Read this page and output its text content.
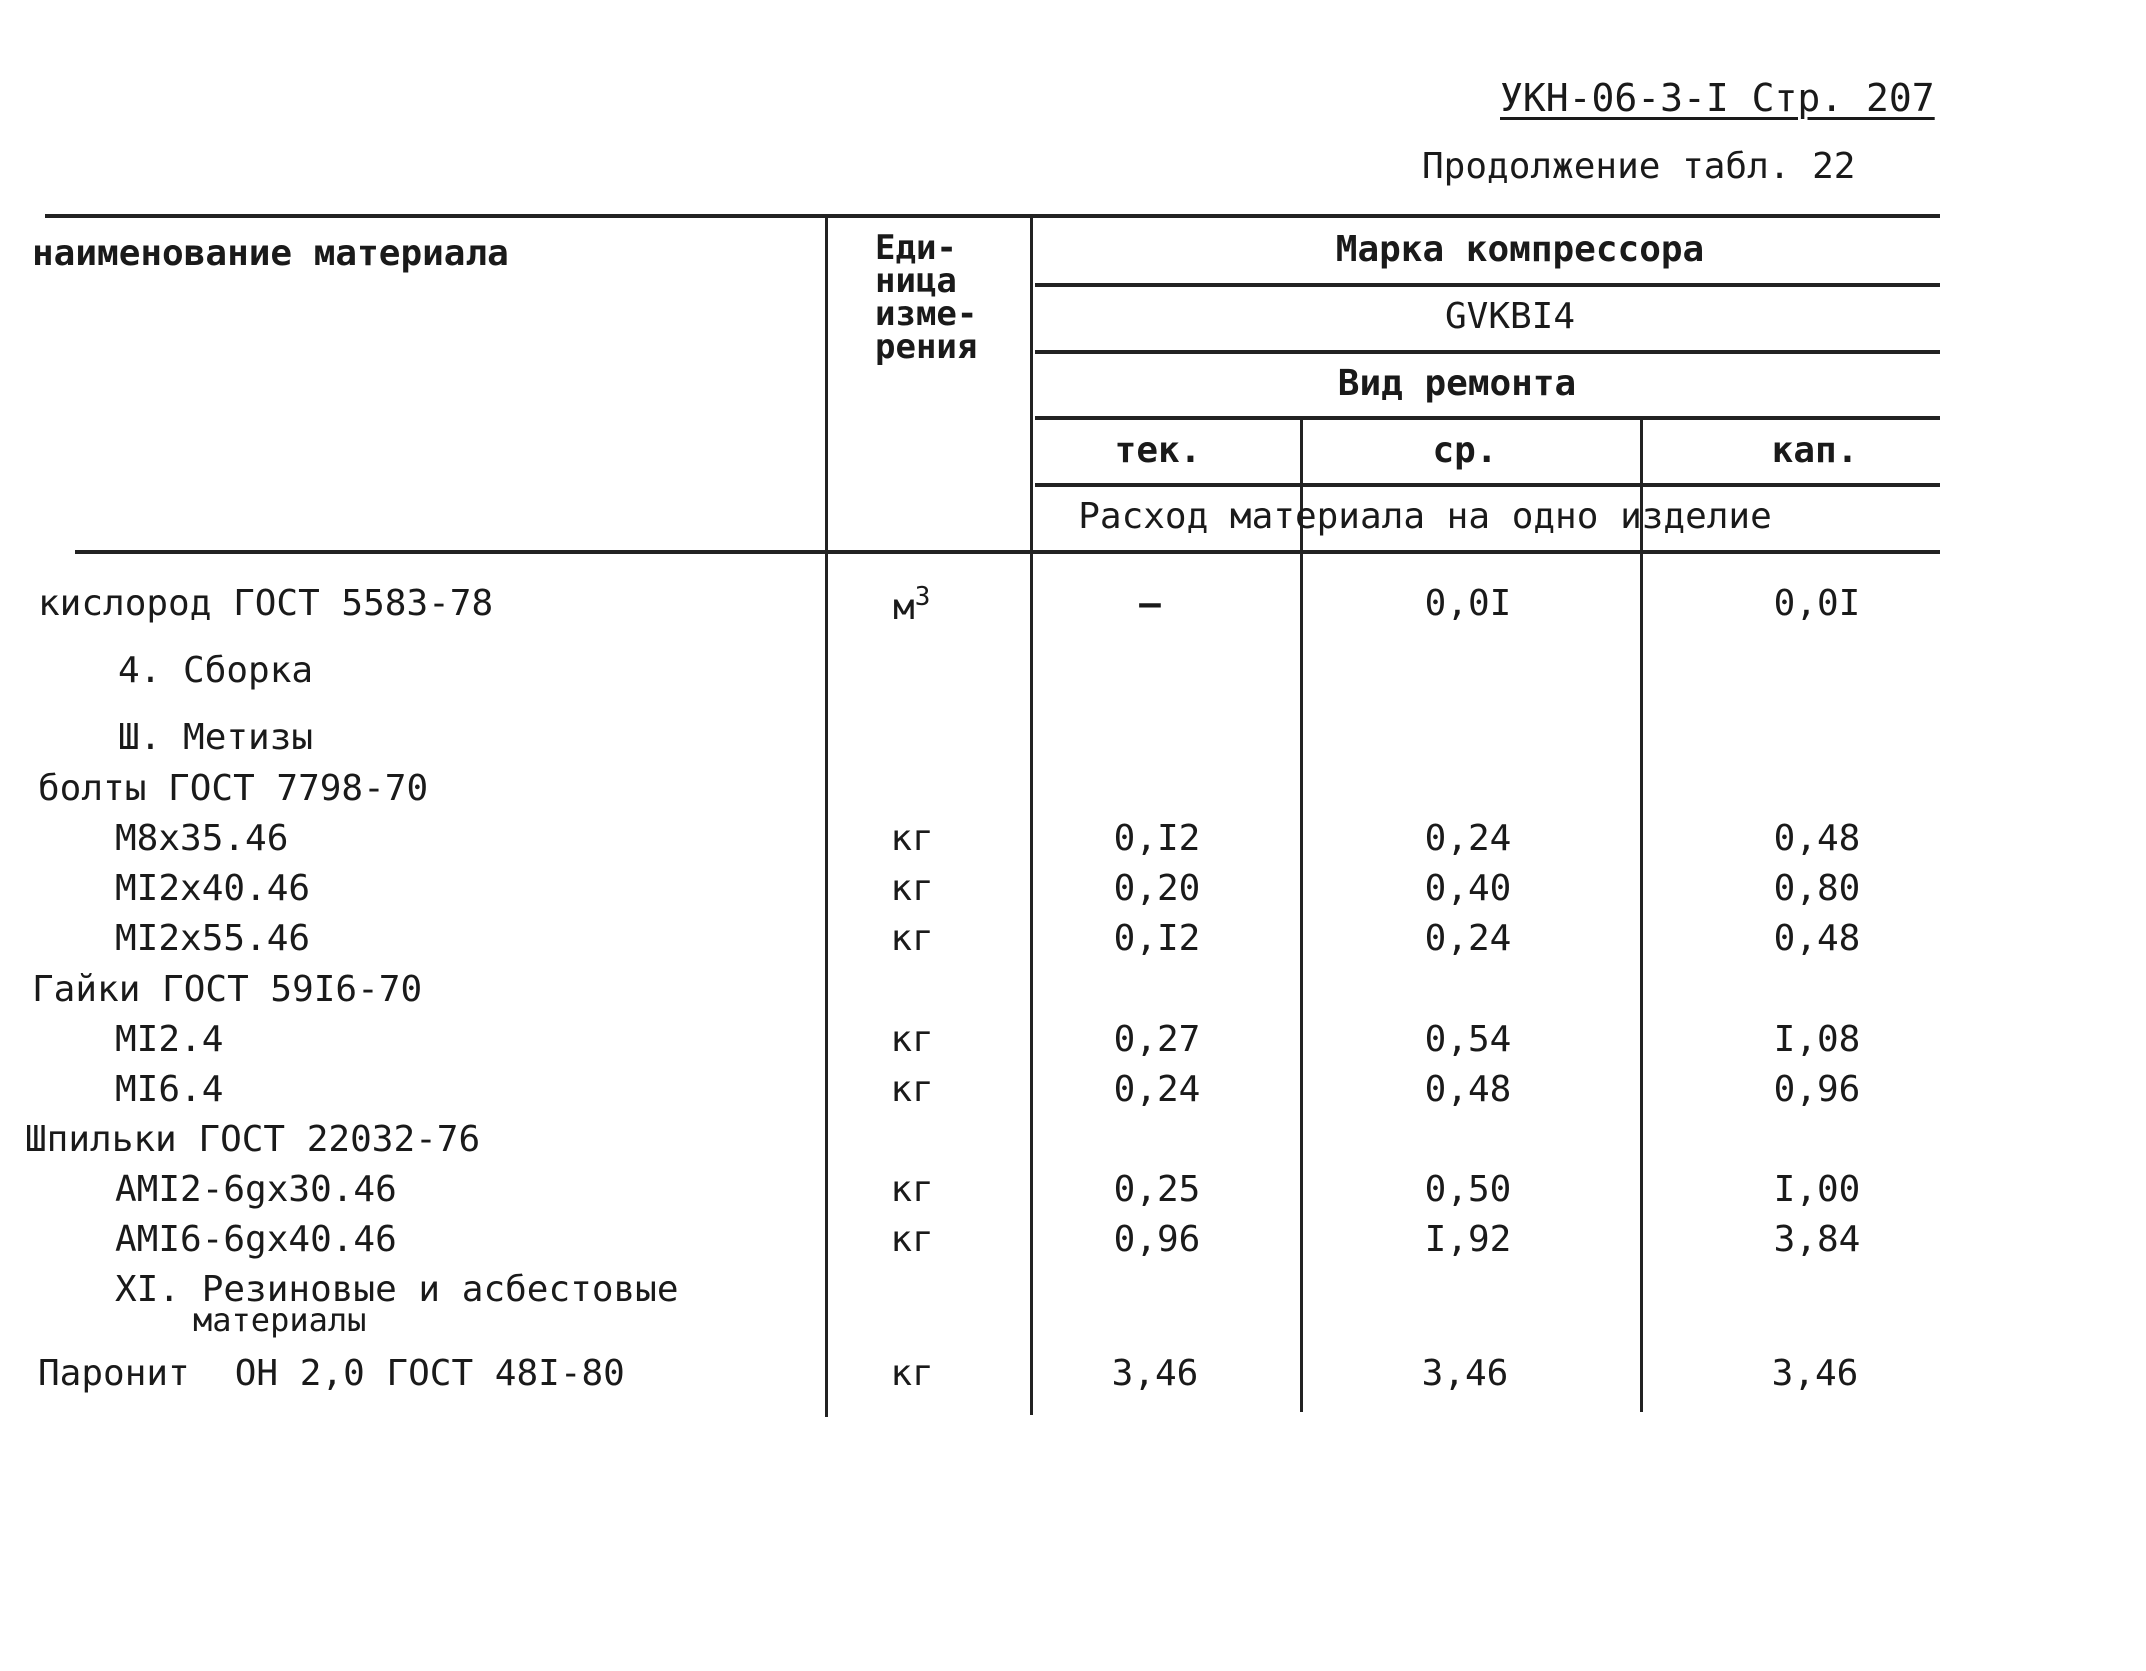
УКН-06-3-I Стр. 207
Продолжение табл. 22
наименование материала	Еди-
ница
изме-
рения
Марка компрессора
GVKBI4
Вид ремонта
тек.	ср.	кап.
Расход материала на одно изделие
кислород ГОСТ 5583-78	$м^3$	–	0,0I	0,0I
4. Сборка
Ш. Метизы
болты ГОСТ 7798-70
M8x35.46	кг	0,I2	0,24	0,48
MI2x40.46	кг	0,20	0,40	0,80
MI2x55.46	кг	0,I2	0,24	0,48
Гайки ГОСТ 59I6-70
MI2.4	кг	0,27	0,54	I,08
MI6.4	кг	0,24	0,48	0,96
Шпильки ГОСТ 22032-76
AMI2-6gx30.46	кг	0,25	0,50	I,00
AMI6-6gx40.46	кг	0,96	I,92	3,84
XI. Резиновые и асбестовые
материалы
Паронит ОН 2,0 ГОСТ 48I-80	кг	3,46	3,46	3,46
